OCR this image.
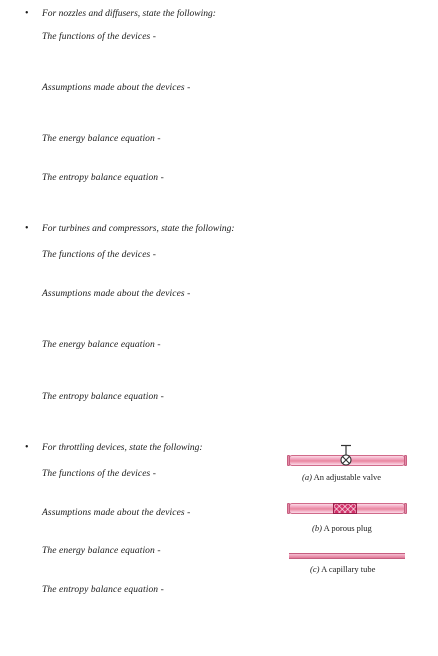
• For nozzles and diffusers, state the following:
The functions of the devices -
Assumptions made about the devices -
The energy balance equation -
The entropy balance equation -
• For turbines and compressors, state the following:
The functions of the devices -
Assumptions made about the devices -
The energy balance equation -
The entropy balance equation -
• For throttling devices, state the following:
The functions of the devices -
Assumptions made about the devices -
The energy balance equation -
The entropy balance equation -
(a) An adjustable valve
(b) A porous plug
(c) A capillary tube
